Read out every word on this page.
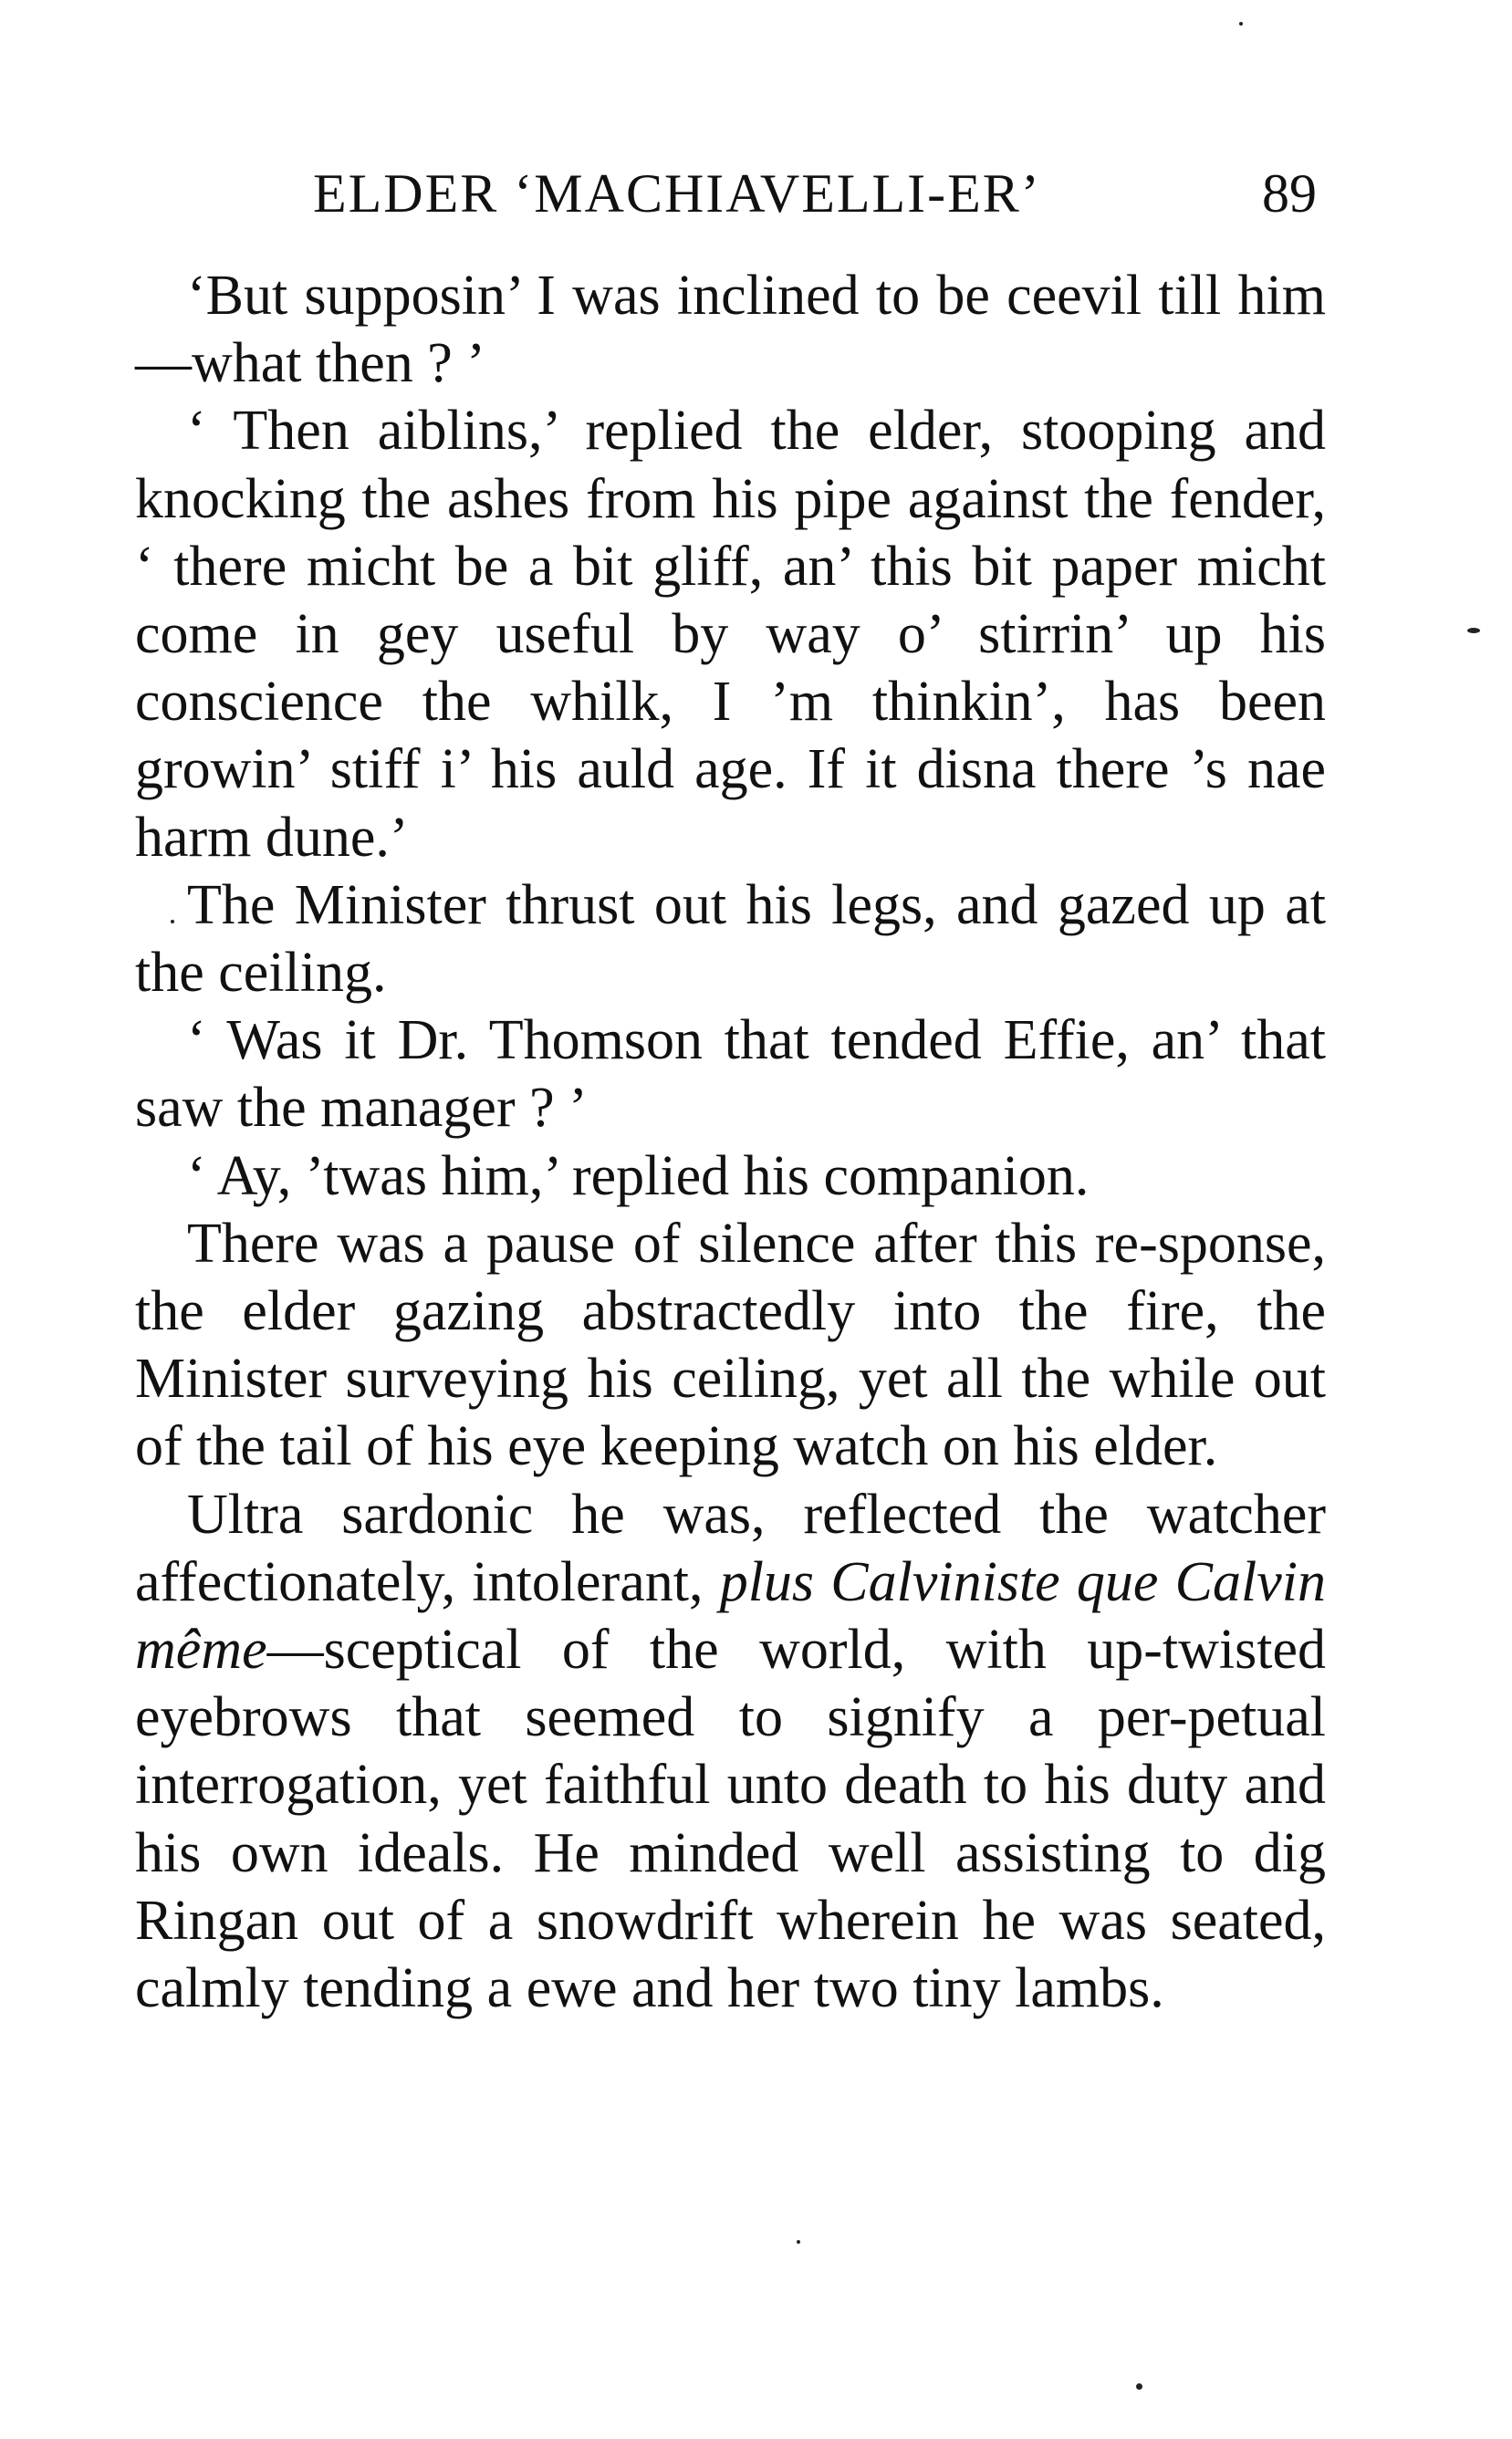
ELDER ‘MACHIAVELLI-ER’	89

‘But supposin’ I was inclined to be ceevil till him—what then ? ’

‘ Then aiblins,’ replied the elder, stooping and knocking the ashes from his pipe against the fender, ‘ there micht be a bit gliff, an’ this bit paper micht come in gey useful by way o’ stirrin’ up his conscience the whilk, I ’m thinkin’, has been growin’ stiff i’ his auld age. If it disna there ’s nae harm dune.’

The Minister thrust out his legs, and gazed up at the ceiling.

‘ Was it Dr. Thomson that tended Effie, an’ that saw the manager ? ’

‘ Ay, ’twas him,’ replied his companion.

There was a pause of silence after this re-sponse, the elder gazing abstractedly into the fire, the Minister surveying his ceiling, yet all the while out of the tail of his eye keeping watch on his elder.

Ultra sardonic he was, reflected the watcher affectionately, intolerant, plus Calviniste que Calvin même—sceptical of the world, with up-twisted eyebrows that seemed to signify a per-petual interrogation, yet faithful unto death to his duty and his own ideals. He minded well assisting to dig Ringan out of a snowdrift wherein he was seated, calmly tending a ewe and her two tiny lambs.
